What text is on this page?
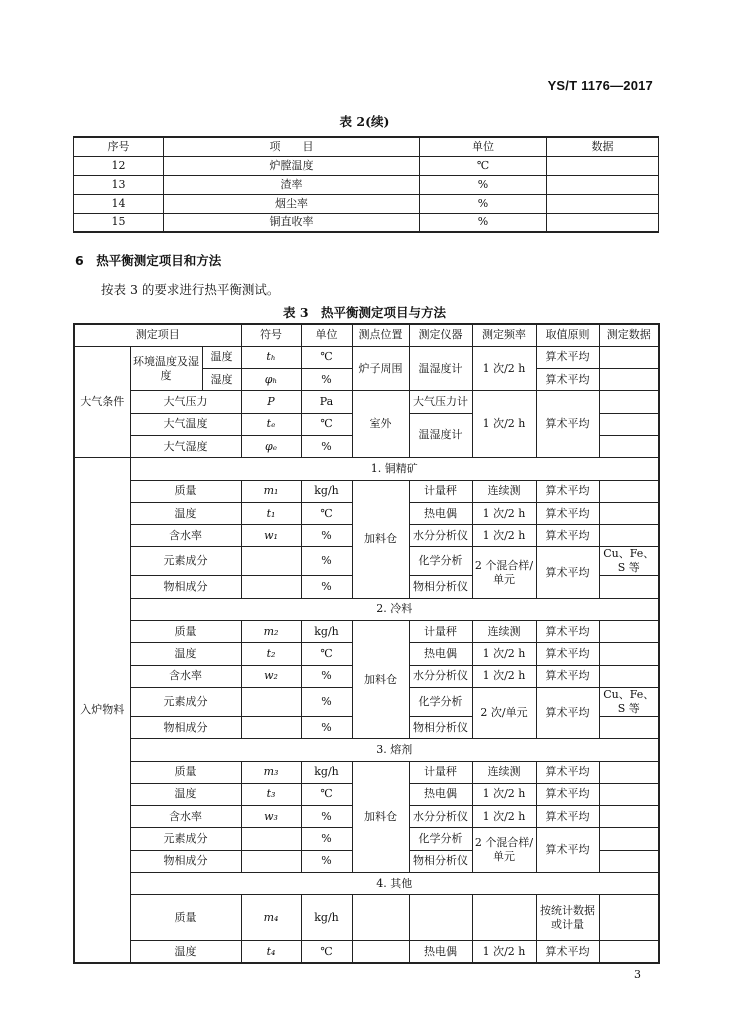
YS/T 1176—2017
表 2(续)
序号	项　　目	单位	数据
12	炉膛温度	℃	
13	渣率	%	
14	烟尘率	%	
15	铜直收率	%	
6　热平衡测定项目和方法
按表 3 的要求进行热平衡测试。
表 3　热平衡测定项目与方法
测定项目			符号	单位	测点位置	测定仪器	测定频率	取值原则	测定数据
大气条件	环境温度及湿度	温度	tₕ	℃	炉子周围	温湿度计	1 次/2 h	算术平均	
		湿度	φₕ	%				算术平均	
	大气压力		P	Pa	室外	大气压力计	1 次/2 h	算术平均	
	大气温度		tₑ	℃		温湿度计			
	大气湿度		φₑ	%					
入炉物料	1. 铜精矿								
	质量		m₁	kg/h	加料仓	计量秤	连续测	算术平均	
	温度		t₁	℃		热电偶	1 次/2 h	算术平均	
	含水率		w₁	%		水分分析仪	1 次/2 h	算术平均	
	元素成分			%		化学分析	2 个混合样/单元	算术平均	Cu、Fe、S 等
	物相成分			%		物相分析仪			
	2. 冷料								
	质量		m₂	kg/h	加料仓	计量秤	连续测	算术平均	
	温度		t₂	℃		热电偶	1 次/2 h	算术平均	
	含水率		w₂	%		水分分析仪	1 次/2 h	算术平均	
	元素成分			%		化学分析	2 次/单元	算术平均	Cu、Fe、S 等
	物相成分			%		物相分析仪			
	3. 熔剂								
	质量		m₃	kg/h	加料仓	计量秤	连续测	算术平均	
	温度		t₃	℃		热电偶	1 次/2 h	算术平均	
	含水率		w₃	%		水分分析仪	1 次/2 h	算术平均	
	元素成分			%		化学分析	2 个混合样/单元	算术平均	
	物相成分			%		物相分析仪			
	4. 其他								
	质量		m₄	kg/h				按统计数据或计量	
	温度		t₄	℃		热电偶	1 次/2 h	算术平均	
3
